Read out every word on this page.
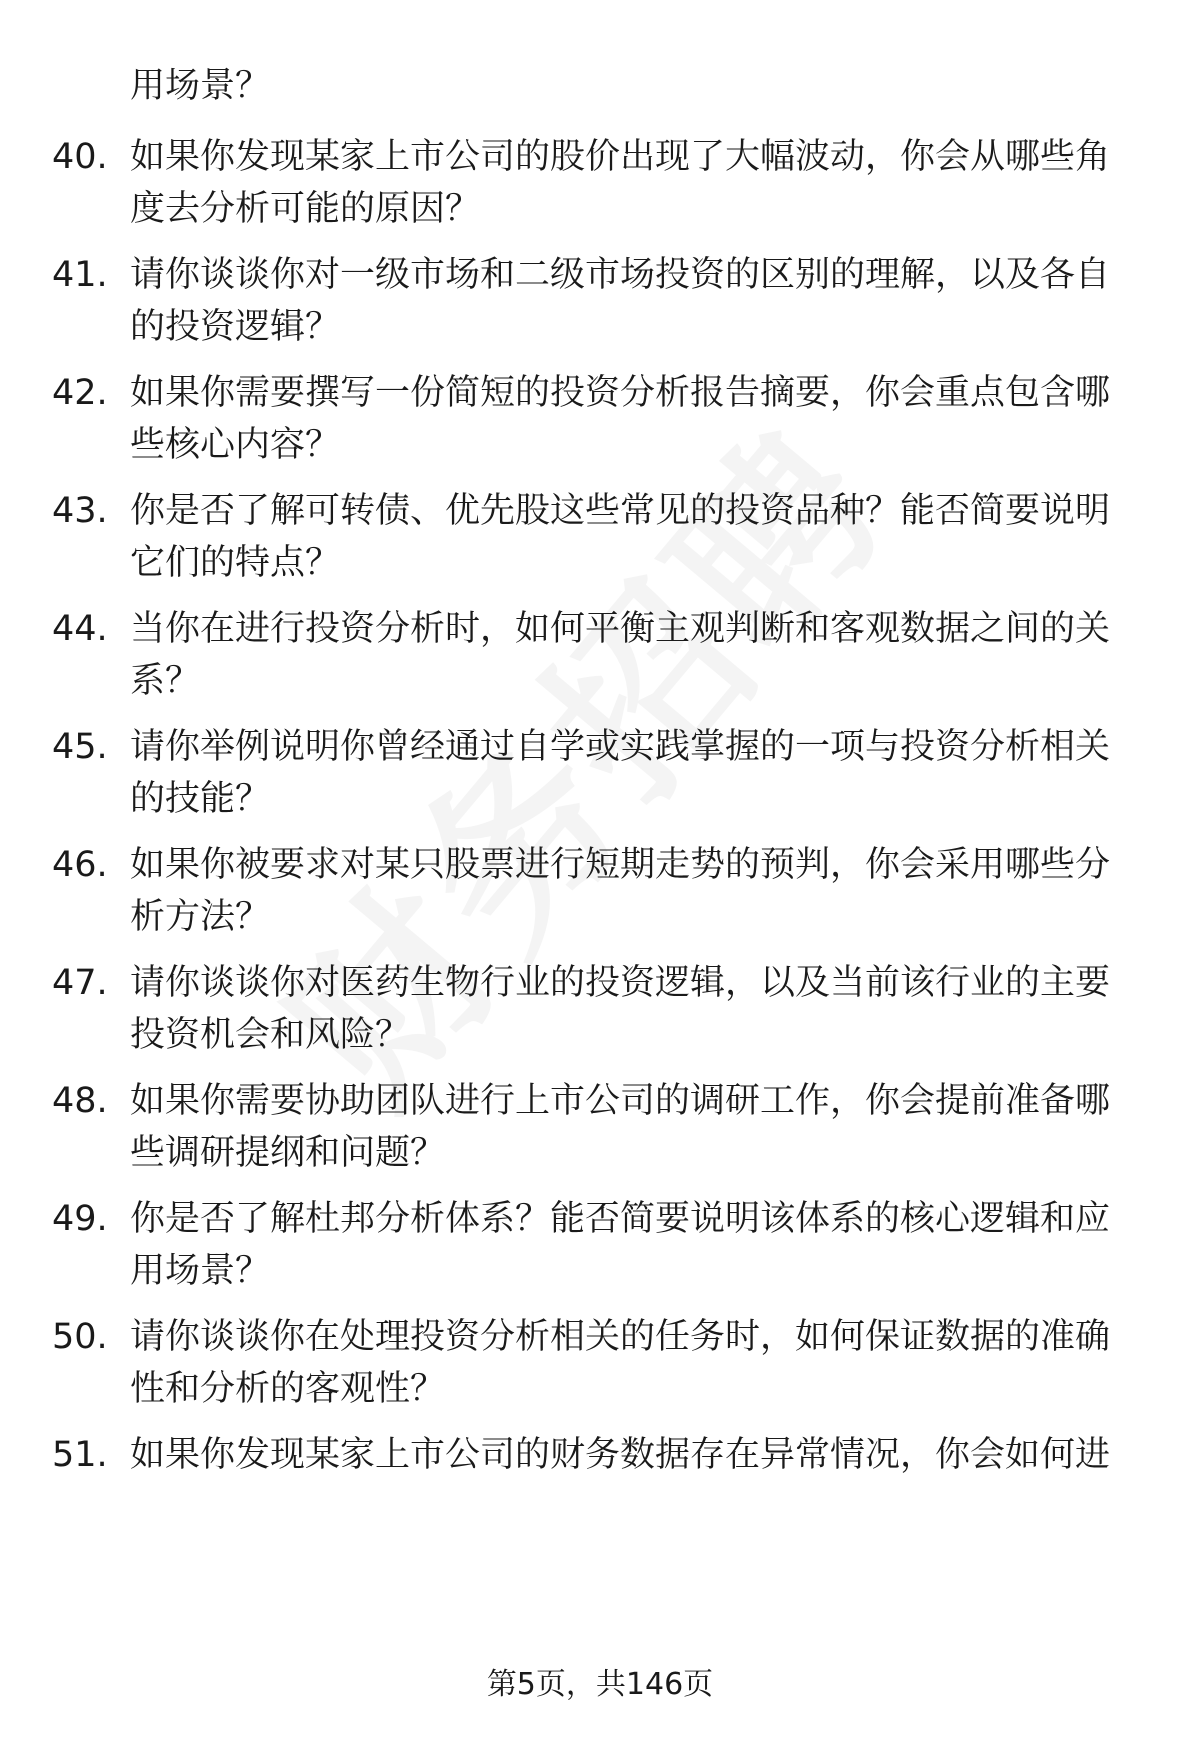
用场景？
40. 如果你发现某家上市公司的股价出现了大幅波动，你会从哪些角
度去分析可能的原因？
41. 请你谈谈你对一级市场和二级市场投资的区别的理解，以及各自
的投资逻辑？
42. 如果你需要撰写一份简短的投资分析报告摘要，你会重点包含哪
些核心内容？
43. 你是否了解可转债、优先股这些常见的投资品种？能否简要说明
它们的特点？
44. 当你在进行投资分析时，如何平衡主观判断和客观数据之间的关
系？
45. 请你举例说明你曾经通过自学或实践掌握的一项与投资分析相关
的技能？
46. 如果你被要求对某只股票进行短期走势的预判，你会采用哪些分
析方法？
47. 请你谈谈你对医药生物行业的投资逻辑，以及当前该行业的主要
投资机会和风险？
48. 如果你需要协助团队进行上市公司的调研工作，你会提前准备哪
些调研提纲和问题？
49. 你是否了解杜邦分析体系？能否简要说明该体系的核心逻辑和应
用场景？
50. 请你谈谈你在处理投资分析相关的任务时，如何保证数据的准确
性和分析的客观性？
51. 如果你发现某家上市公司的财务数据存在异常情况，你会如何进
第5页，共146页
